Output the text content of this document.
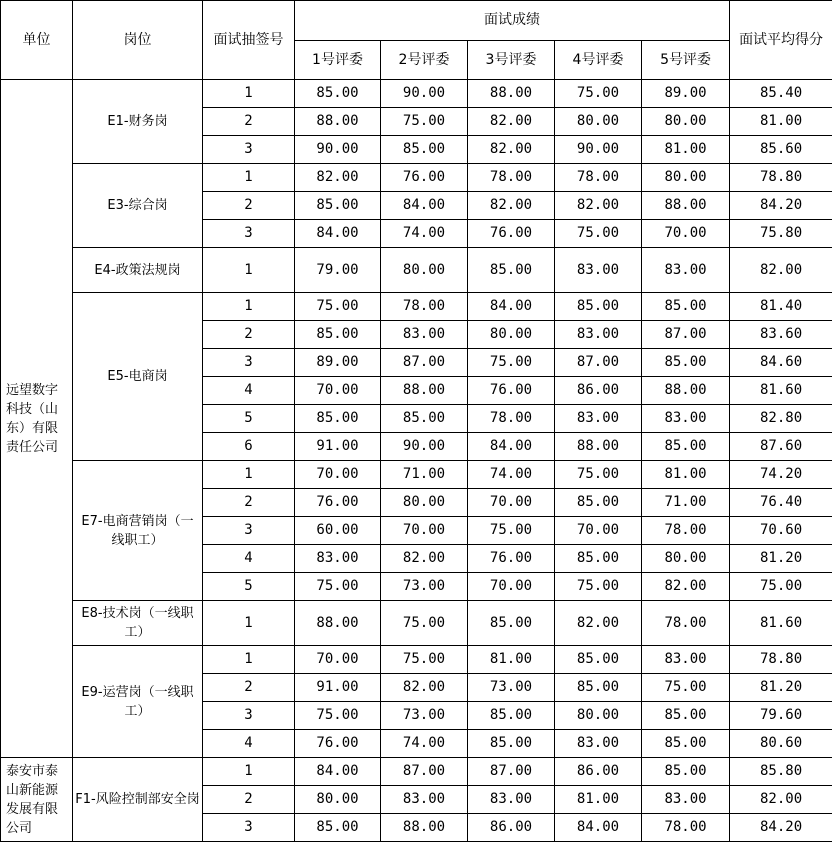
单位	岗位	面试抽签号	面试成绩					面试平均得分
			1号评委	2号评委	3号评委	4号评委	5号评委	
远望数字科技（山东）有限责任公司	E1-财务岗	1	85.00	90.00	88.00	75.00	89.00	85.40
		2	88.00	75.00	82.00	80.00	80.00	81.00
		3	90.00	85.00	82.00	90.00	81.00	85.60
	E3-综合岗	1	82.00	76.00	78.00	78.00	80.00	78.80
		2	85.00	84.00	82.00	82.00	88.00	84.20
		3	84.00	74.00	76.00	75.00	70.00	75.80
	E4-政策法规岗	1	79.00	80.00	85.00	83.00	83.00	82.00
	E5-电商岗	1	75.00	78.00	84.00	85.00	85.00	81.40
		2	85.00	83.00	80.00	83.00	87.00	83.60
		3	89.00	87.00	75.00	87.00	85.00	84.60
		4	70.00	88.00	76.00	86.00	88.00	81.60
		5	85.00	85.00	78.00	83.00	83.00	82.80
		6	91.00	90.00	84.00	88.00	85.00	87.60
	E7-电商营销岗（一线职工）	1	70.00	71.00	74.00	75.00	81.00	74.20
		2	76.00	80.00	70.00	85.00	71.00	76.40
		3	60.00	70.00	75.00	70.00	78.00	70.60
		4	83.00	82.00	76.00	85.00	80.00	81.20
		5	75.00	73.00	70.00	75.00	82.00	75.00
	E8-技术岗（一线职工）	1	88.00	75.00	85.00	82.00	78.00	81.60
	E9-运营岗（一线职工）	1	70.00	75.00	81.00	85.00	83.00	78.80
		2	91.00	82.00	73.00	85.00	75.00	81.20
		3	75.00	73.00	85.00	80.00	85.00	79.60
		4	76.00	74.00	85.00	83.00	85.00	80.60
泰安市泰山新能源发展有限公司	F1-风险控制部安全岗	1	84.00	87.00	87.00	86.00	85.00	85.80
		2	80.00	83.00	83.00	81.00	83.00	82.00
		3	85.00	88.00	86.00	84.00	78.00	84.20
